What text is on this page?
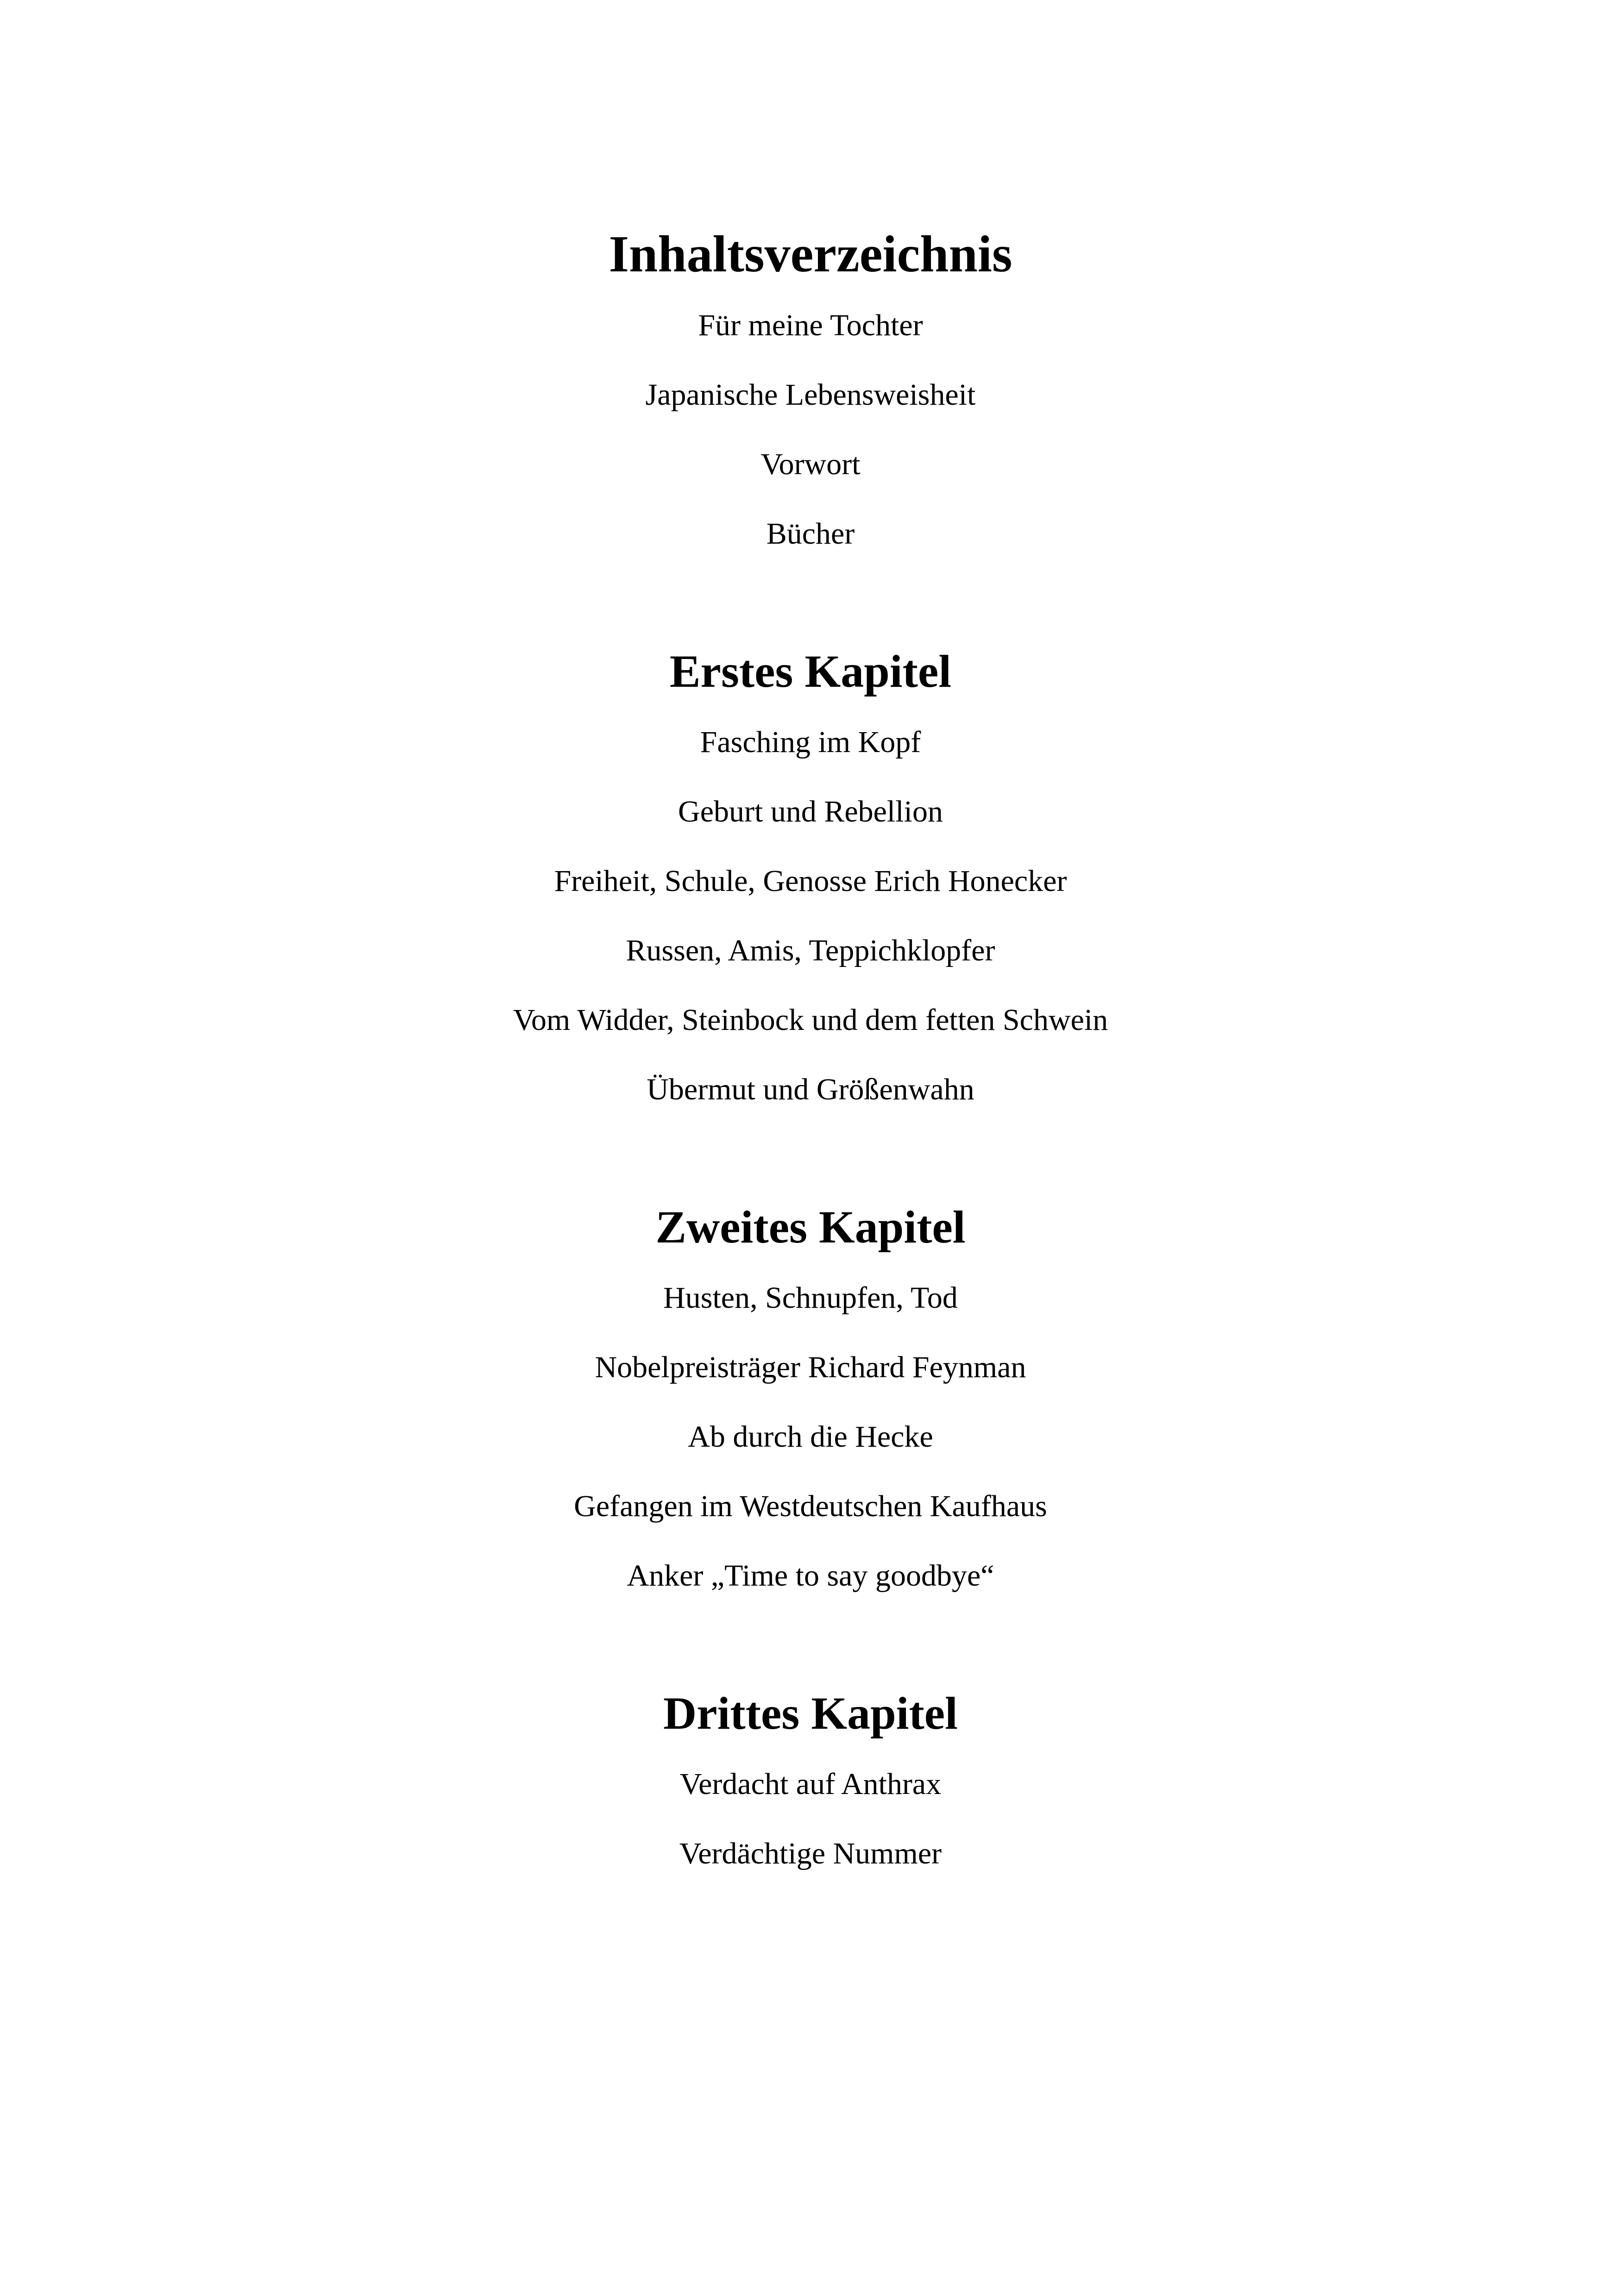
Inhaltsverzeichnis
Für meine Tochter
Japanische Lebensweisheit
Vorwort
Bücher
Erstes Kapitel
Fasching im Kopf
Geburt und Rebellion
Freiheit, Schule, Genosse Erich Honecker
Russen, Amis, Teppichklopfer
Vom Widder, Steinbock und dem fetten Schwein
Übermut und Größenwahn
Zweites Kapitel
Husten, Schnupfen, Tod
Nobelpreisträger Richard Feynman
Ab durch die Hecke
Gefangen im Westdeutschen Kaufhaus
Anker „Time to say goodbye“
Drittes Kapitel
Verdacht auf Anthrax
Verdächtige Nummer
